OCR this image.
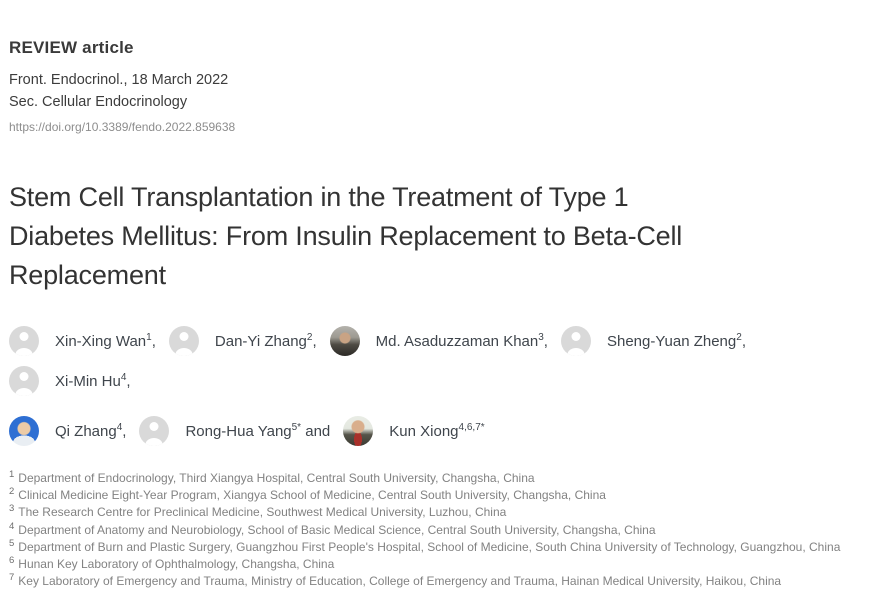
REVIEW article
Front. Endocrinol., 18 March 2022
Sec. Cellular Endocrinology
https://doi.org/10.3389/fendo.2022.859638
Stem Cell Transplantation in the Treatment of Type 1
Diabetes Mellitus: From Insulin Replacement to Beta-Cell
Replacement
Xin-Xing Wan$^1$,	Dan-Yi Zhang$^2$,	Md. Asaduzzaman Khan$^3$,	Sheng-Yuan Zheng$^2$,
Xi-Min Hu$^4$,
Qi Zhang$^4$,	Rong-Hua Yang$^{5*}$ and	Kun Xiong$^{4,6,7*}$
$^1$ Department of Endocrinology, Third Xiangya Hospital, Central South University, Changsha, China
$^2$ Clinical Medicine Eight-Year Program, Xiangya School of Medicine, Central South University, Changsha, China
$^3$ The Research Centre for Preclinical Medicine, Southwest Medical University, Luzhou, China
$^4$ Department of Anatomy and Neurobiology, School of Basic Medical Science, Central South University, Changsha, China
$^5$ Department of Burn and Plastic Surgery, Guangzhou First People's Hospital, School of Medicine, South China University of Technology, Guangzhou, China
$^6$ Hunan Key Laboratory of Ophthalmology, Changsha, China
$^7$ Key Laboratory of Emergency and Trauma, Ministry of Education, College of Emergency and Trauma, Hainan Medical University, Haikou, China
